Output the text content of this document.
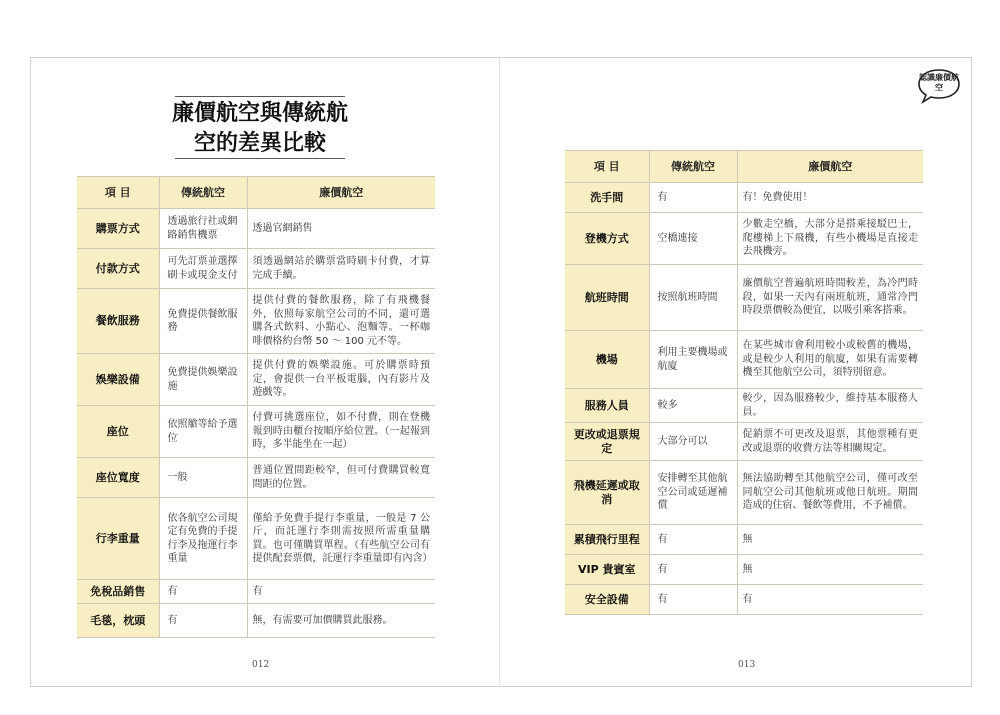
廉價航空與傳統航
空的差異比較
項 目	傳統航空	廉價航空
購票方式	透過旅行社或網路銷售機票	透過官網銷售
付款方式	可先訂票並選擇刷卡或現金支付	須透過網站於購票當時刷卡付費，才算完成手續。
餐飲服務	免費提供餐飲服務	提供付費的餐飲服務，除了有飛機餐外，依照每家航空公司的不同，還可選購各式飲料、小點心、泡麵等。一杯咖啡價格約台幣 50 ～ 100 元不等。
娛樂設備	免費提供娛樂設施	提供付費的娛樂設施。可於購票時預定，會提供一台平板電腦，內有影片及遊戲等。
座位	依照艙等給予選位	付費可挑選座位，如不付費，則在登機報到時由櫃台按順序給位置。（一起報到時，多半能坐在一起）
座位寬度	一般	普通位置間距較窄，但可付費購買較寬間距的位置。
行李重量	依各航空公司規定有免費的手提行李及拖運行李重量	僅給予免費手提行李重量，一般是 7 公斤，而託運行李則需按照所需重量購買。也可僅購買單程。（有些航空公司有提供配套票價，託運行李重量即有內含）
免稅品銷售	有	有
毛毯，枕頭	有	無，有需要可加價購買此服務。
項 目	傳統航空	廉價航空
洗手間	有	有！免費使用！
登機方式	空橋連接	少數走空橋，大部分是搭乘接駁巴士，爬樓梯上下飛機，有些小機場是直接走去飛機旁。
航班時間	按照航班時間	廉價航空普遍航班時間較差，為冷門時段，如果一天內有兩班航班，通常冷門時段票價較為便宜，以吸引乘客搭乘。
機場	利用主要機場或航廈	在某些城市會利用較小或較舊的機場，或是較少人利用的航廈，如果有需要轉機至其他航空公司，須特別留意。
服務人員	較多	較少，因為服務較少，維持基本服務人員。
更改或退票規定	大部分可以	促銷票不可更改及退票，其他票種有更改或退票的收費方法等相關規定。
飛機延遲或取消	安排轉至其他航空公司或延遲補償	無法協助轉至其他航空公司，僅可改至同航空公司其他航班或他日航班。期間造成的住宿、餐飲等費用，不予補償。
累積飛行里程	有	無
VIP 貴賓室	有	無
安全設備	有	有
012	013
認識廉價航空
